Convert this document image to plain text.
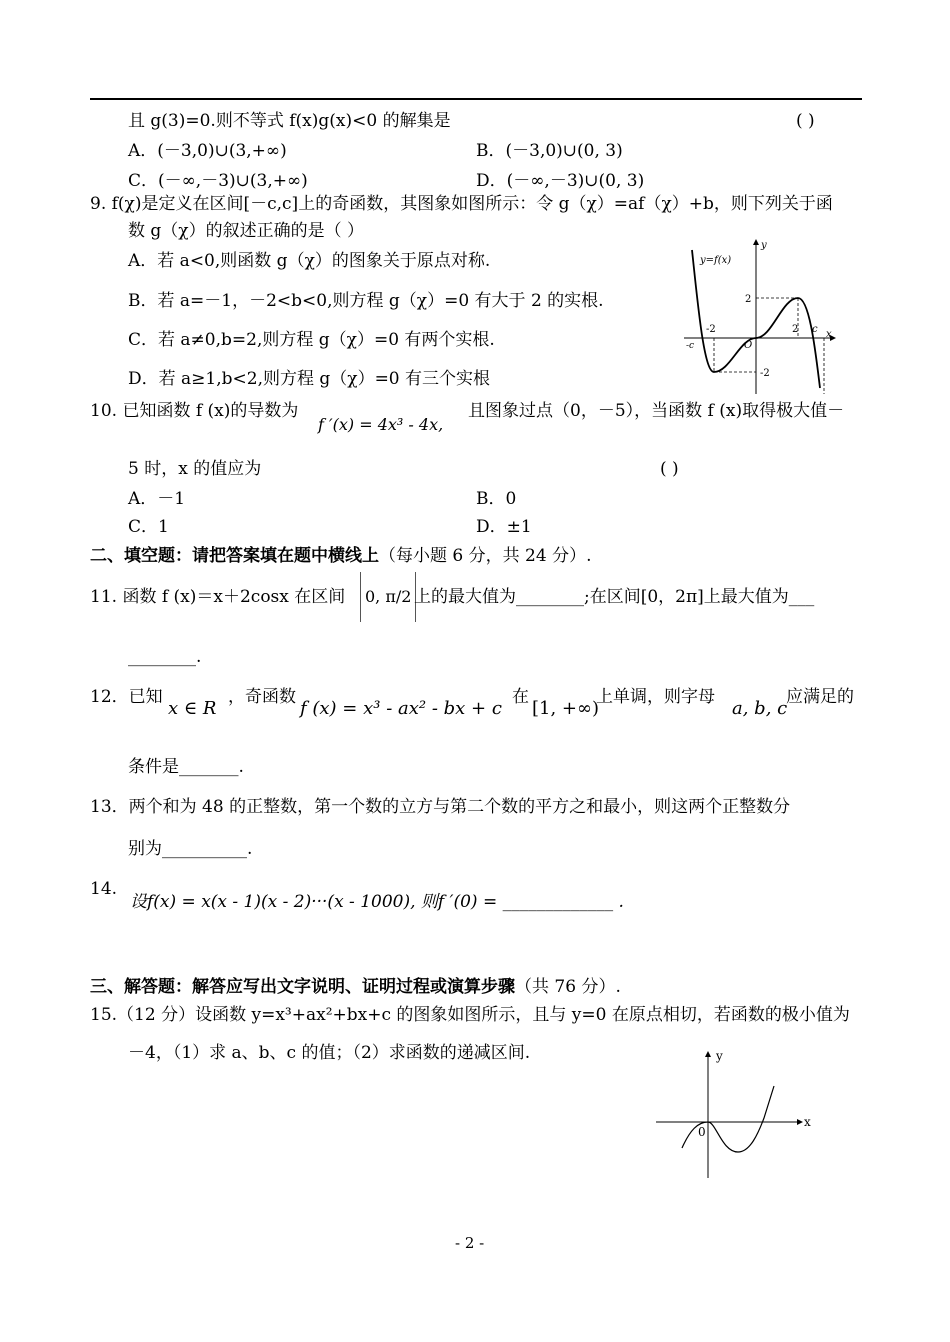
且 g(3)=0.则不等式 f(x)g(x)<0 的解集是	( )
A．(－3,0)∪(3,+∞)	B．(－3,0)∪(0, 3)
C．(－∞,－3)∪(3,+∞)	D．(－∞,－3)∪(0, 3)
9. f(χ)是定义在区间[－c,c]上的奇函数，其图象如图所示：令 g（χ）=af（χ）+b，则下列关于函
数 g（χ）的叙述正确的是（ ）
A．若 a<0,则函数 g（χ）的图象关于原点对称.
B．若 a=－1，－2<b<0,则方程 g（χ）=0 有大于 2 的实根.
C．若 a≠0,b=2,则方程 g（χ）=0 有两个实根.
D．若 a≥1,b<2,则方程 g（χ）=0 有三个实根
y=f(x)
y
x
O
2
-2
-2	2 c
-c
10. 已知函数 f (x)的导数为
f ′(x) = 4x³ - 4x,
且图象过点（0，－5），当函数 f (x)取得极大值－
5 时，x 的值应为	( )
A．－1	B．0
C．1	D．±1
二、填空题：请把答案填在题中横线上（每小题 6 分，共 24 分）.
11. 函数 f (x)＝x＋2cosx 在区间	0, π/2 上的最大值为________;在区间[0，2π]上最大值为___
________.
12．已知
x ∈ R
，奇函数
f (x) = x³ - ax² - bx + c
在
[1, +∞)
上单调，则字母
a, b, c
应满足的
条件是_______.
13．两个和为 48 的正整数，第一个数的立方与第二个数的平方之和最小，则这两个正整数分
别为__________.
14.
设f(x) = x(x - 1)(x - 2)···(x - 1000), 则f ′(0) = _____________ .
三、解答题：解答应写出文字说明、证明过程或演算步骤（共 76 分）.
15.（12 分）设函数 y=x³+ax²+bx+c 的图象如图所示，且与 y=0 在原点相切，若函数的极小值为
－4，（1）求 a、b、c 的值；（2）求函数的递减区间.	y
x
0
- 2 -
